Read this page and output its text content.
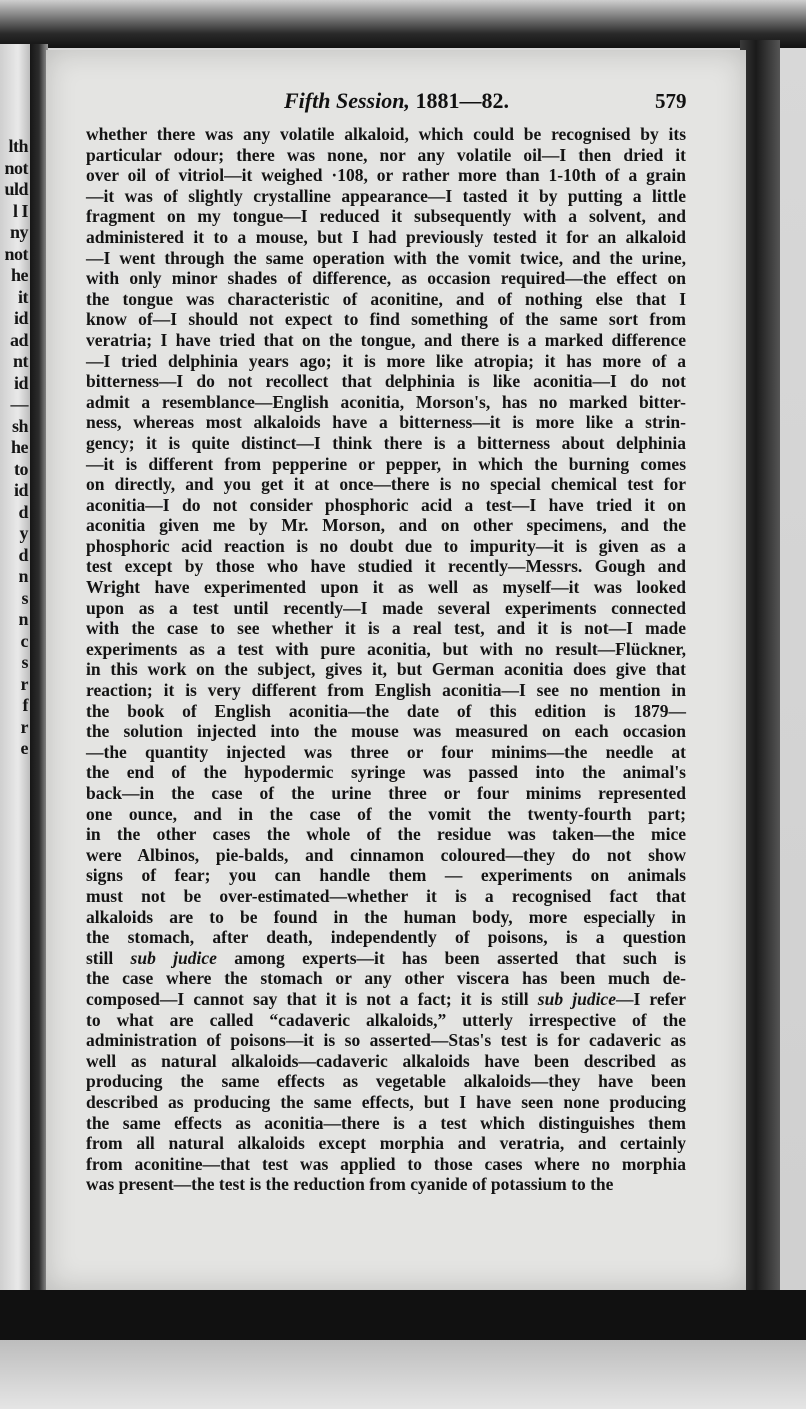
lth
not
uld
l I
ny
not
he
it
id
ad
nt
id
—
sh
he
to
id
d
y
d
n
s
n
c
s
r
f
r
e
Fifth Session, 1881—82.	579
whether there was any volatile alkaloid, which could be recognised by its
particular odour; there was none, nor any volatile oil—I then dried it
over oil of vitriol—it weighed ·108, or rather more than 1-10th of a grain
—it was of slightly crystalline appearance—I tasted it by putting a little
fragment on my tongue—I reduced it subsequently with a solvent, and
administered it to a mouse, but I had previously tested it for an alkaloid
—I went through the same operation with the vomit twice, and the urine,
with only minor shades of difference, as occasion required—the effect on
the tongue was characteristic of aconitine, and of nothing else that I
know of—I should not expect to find something of the same sort from
veratria; I have tried that on the tongue, and there is a marked difference
—I tried delphinia years ago; it is more like atropia; it has more of a
bitterness—I do not recollect that delphinia is like aconitia—I do not
admit a resemblance—English aconitia, Morson's, has no marked bitter-
ness, whereas most alkaloids have a bitterness—it is more like a strin-
gency; it is quite distinct—I think there is a bitterness about delphinia
—it is different from pepperine or pepper, in which the burning comes
on directly, and you get it at once—there is no special chemical test for
aconitia—I do not consider phosphoric acid a test—I have tried it on
aconitia given me by Mr. Morson, and on other specimens, and the
phosphoric acid reaction is no doubt due to impurity—it is given as a
test except by those who have studied it recently—Messrs. Gough and
Wright have experimented upon it as well as myself—it was looked
upon as a test until recently—I made several experiments connected
with the case to see whether it is a real test, and it is not—I made
experiments as a test with pure aconitia, but with no result—Flückner,
in this work on the subject, gives it, but German aconitia does give that
reaction; it is very different from English aconitia—I see no mention in
the book of English aconitia—the date of this edition is 1879—
the solution injected into the mouse was measured on each occasion
—the quantity injected was three or four minims—the needle at
the end of the hypodermic syringe was passed into the animal's
back—in the case of the urine three or four minims represented
one ounce, and in the case of the vomit the twenty-fourth part;
in the other cases the whole of the residue was taken—the mice
were Albinos, pie-balds, and cinnamon coloured—they do not show
signs of fear; you can handle them — experiments on animals
must not be over-estimated—whether it is a recognised fact that
alkaloids are to be found in the human body, more especially in
the stomach, after death, independently of poisons, is a question
still sub judice among experts—it has been asserted that such is
the case where the stomach or any other viscera has been much de-
composed—I cannot say that it is not a fact; it is still sub judice—I refer
to what are called “cadaveric alkaloids,” utterly irrespective of the
administration of poisons—it is so asserted—Stas's test is for cadaveric as
well as natural alkaloids—cadaveric alkaloids have been described as
producing the same effects as vegetable alkaloids—they have been
described as producing the same effects, but I have seen none producing
the same effects as aconitia—there is a test which distinguishes them
from all natural alkaloids except morphia and veratria, and certainly
from aconitine—that test was applied to those cases where no morphia
was present—the test is the reduction from cyanide of potassium to the
